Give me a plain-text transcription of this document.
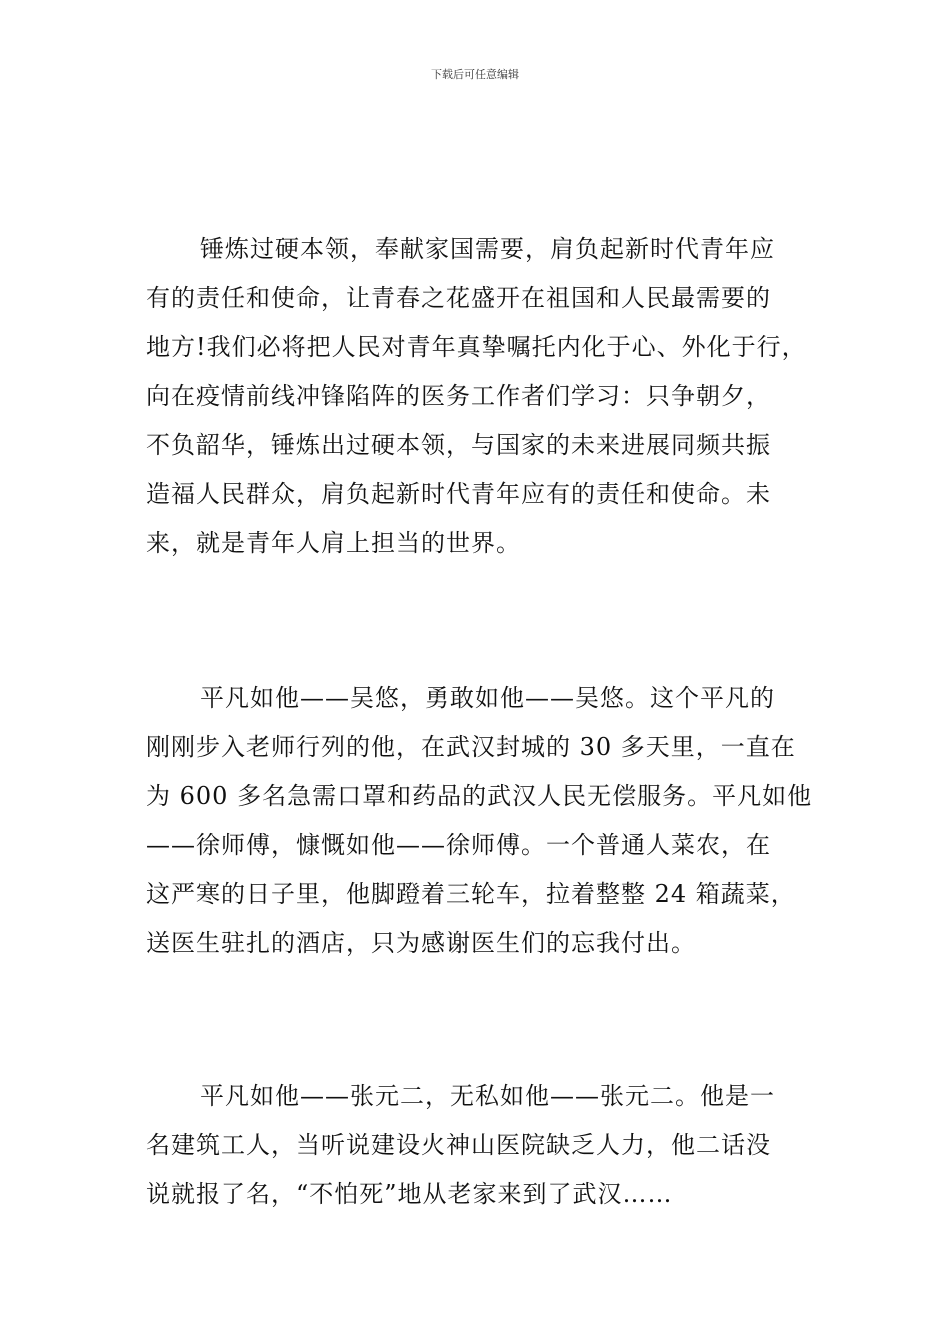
下载后可任意编辑
锤炼过硬本领，奉献家国需要，肩负起新时代青年应
有的责任和使命，让青春之花盛开在祖国和人民最需要的
地方!我们必将把人民对青年真挚嘱托内化于心、外化于行，
向在疫情前线冲锋陷阵的医务工作者们学习：只争朝夕，
不负韶华，锤炼出过硬本领，与国家的未来进展同频共振
造福人民群众，肩负起新时代青年应有的责任和使命。未
来，就是青年人肩上担当的世界。
平凡如他——吴悠，勇敢如他——吴悠。这个平凡的
刚刚步入老师行列的他，在武汉封城的 30 多天里，一直在
为 600 多名急需口罩和药品的武汉人民无偿服务。平凡如他
——徐师傅，慷慨如他——徐师傅。一个普通人菜农，在
这严寒的日子里，他脚蹬着三轮车，拉着整整 24 箱蔬菜，
送医生驻扎的酒店，只为感谢医生们的忘我付出。
平凡如他——张元二，无私如他——张元二。他是一
名建筑工人，当听说建设火神山医院缺乏人力，他二话没
说就报了名，“不怕死”地从老家来到了武汉……
